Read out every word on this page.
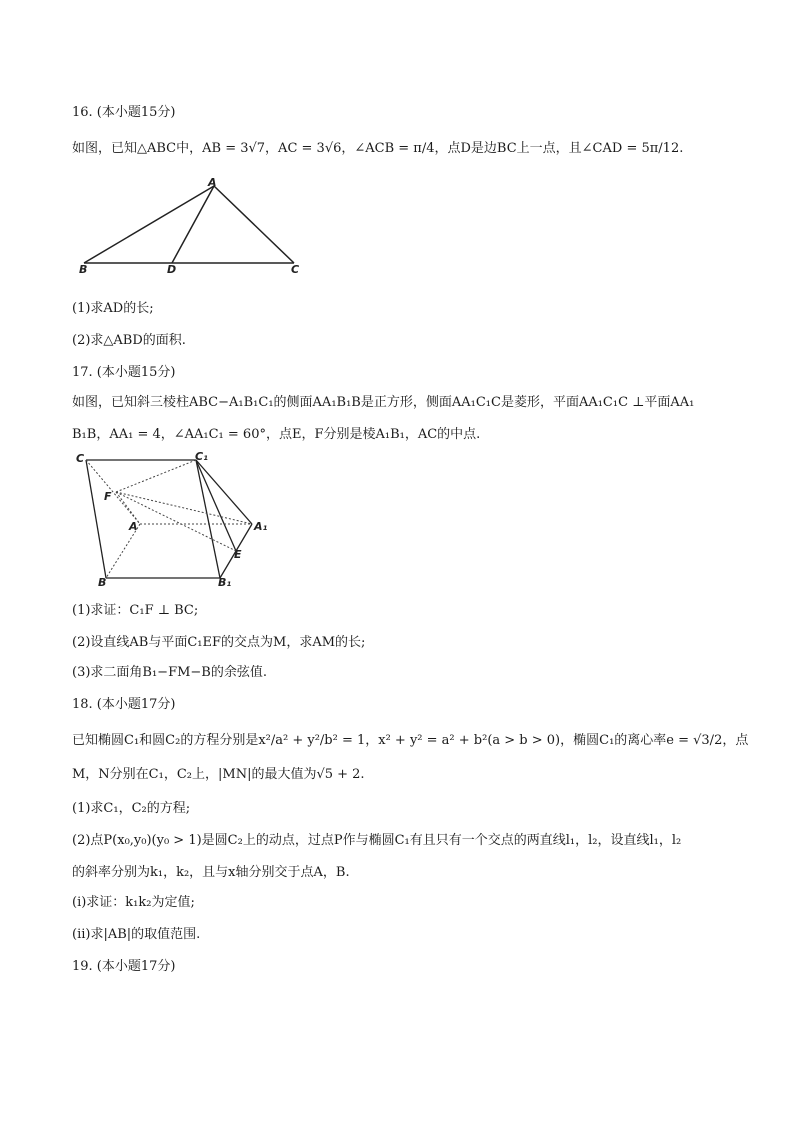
16. (本小题15分)
如图，已知△ABC中，AB = 3√7，AC = 3√6，∠ACB = π/4，点D是边BC上一点，且∠CAD = 5π/12.
A
B	D	C
(1)求AD的长;
(2)求△ABD的面积.
17. (本小题15分)
如图，已知斜三棱柱ABC−A₁B₁C₁的侧面AA₁B₁B是正方形，侧面AA₁C₁C是菱形，平面AA₁C₁C ⊥平面AA₁
B₁B，AA₁ = 4，∠AA₁C₁ = 60°，点E，F分别是棱A₁B₁，AC的中点.
C	C₁
F
A	A₁
E
B	B₁
(1)求证：C₁F ⊥ BC;
(2)设直线AB与平面C₁EF的交点为M，求AM的长;
(3)求二面角B₁−FM−B的余弦值.
18. (本小题17分)
已知椭圆C₁和圆C₂的方程分别是x²/a² + y²/b² = 1，x² + y² = a² + b²(a > b > 0)，椭圆C₁的离心率e = √3/2，点
M，N分别在C₁，C₂上，|MN|的最大值为√5 + 2.
(1)求C₁，C₂的方程;
(2)点P(x₀,y₀)(y₀ > 1)是圆C₂上的动点，过点P作与椭圆C₁有且只有一个交点的两直线l₁，l₂，设直线l₁，l₂
的斜率分别为k₁，k₂，且与x轴分别交于点A，B.
(ⅰ)求证：k₁k₂为定值;
(ⅱ)求|AB|的取值范围.
19. (本小题17分)
